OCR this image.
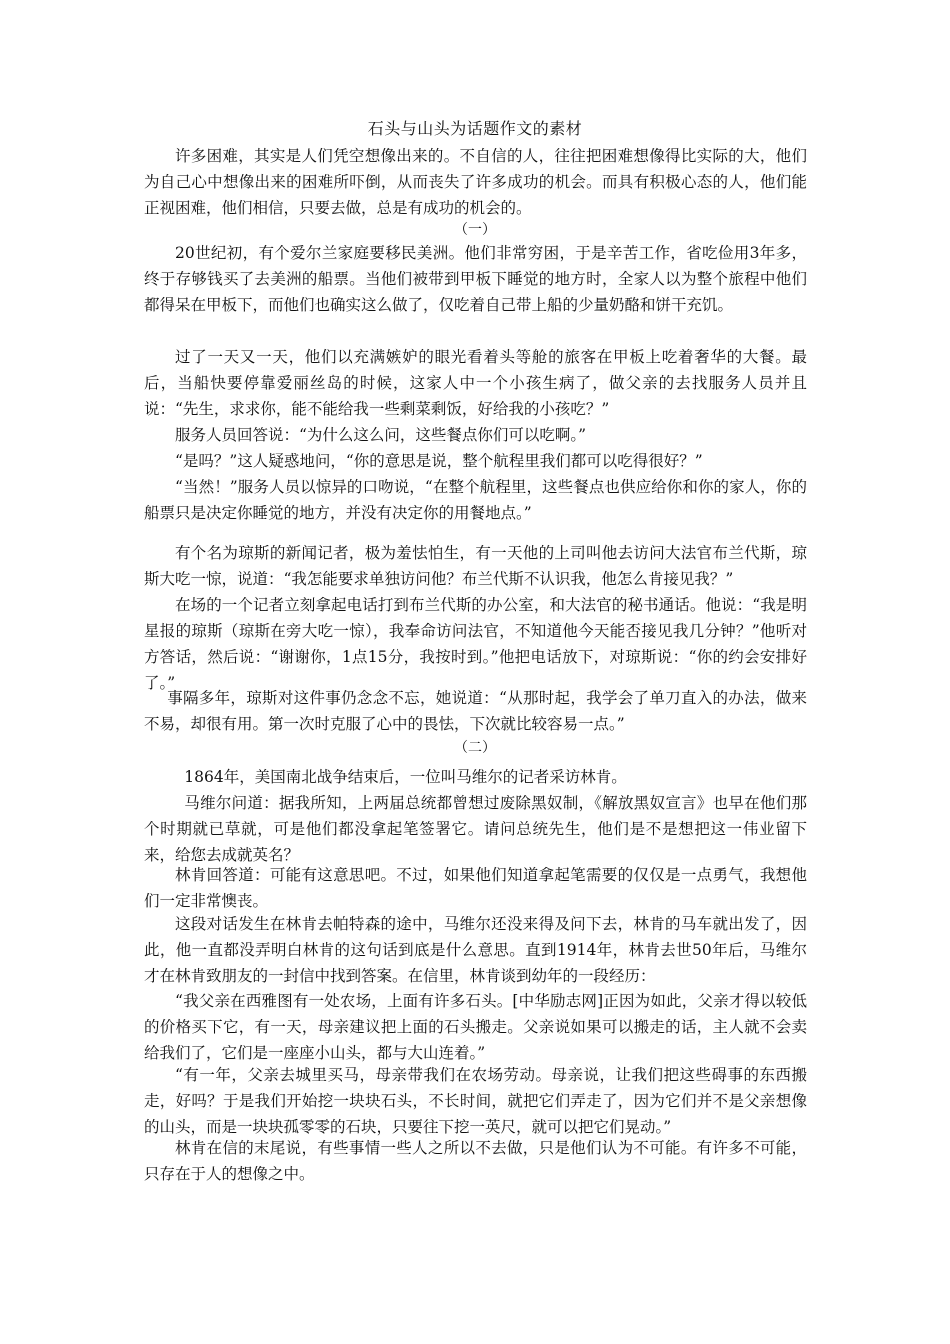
石头与山头为话题作文的素材
许多困难，其实是人们凭空想像出来的。不自信的人，往往把困难想像得比实际的大，他们为自己心中想像出来的困难所吓倒，从而丧失了许多成功的机会。而具有积极心态的人，他们能正视困难，他们相信，只要去做，总是有成功的机会的。
（一）
20世纪初，有个爱尔兰家庭要移民美洲。他们非常穷困，于是辛苦工作，省吃俭用3年多，终于存够钱买了去美洲的船票。当他们被带到甲板下睡觉的地方时，全家人以为整个旅程中他们都得呆在甲板下，而他们也确实这么做了，仅吃着自己带上船的少量奶酪和饼干充饥。
过了一天又一天，他们以充满嫉妒的眼光看着头等舱的旅客在甲板上吃着奢华的大餐。最后，当船快要停靠爱丽丝岛的时候，这家人中一个小孩生病了，做父亲的去找服务人员并且说：“先生，求求你，能不能给我一些剩菜剩饭，好给我的小孩吃？”
服务人员回答说：“为什么这么问，这些餐点你们可以吃啊。”
“是吗？”这人疑惑地问，“你的意思是说，整个航程里我们都可以吃得很好？”
“当然！”服务人员以惊异的口吻说，“在整个航程里，这些餐点也供应给你和你的家人，你的船票只是决定你睡觉的地方，并没有决定你的用餐地点。”
有个名为琼斯的新闻记者，极为羞怯怕生，有一天他的上司叫他去访问大法官布兰代斯，琼斯大吃一惊，说道：“我怎能要求单独访问他？布兰代斯不认识我，他怎么肯接见我？”
在场的一个记者立刻拿起电话打到布兰代斯的办公室，和大法官的秘书通话。他说：“我是明星报的琼斯（琼斯在旁大吃一惊），我奉命访问法官，不知道他今天能否接见我几分钟？”他听对方答话，然后说：“谢谢你，1点15分，我按时到。”他把电话放下，对琼斯说：“你的约会安排好了。”
事隔多年，琼斯对这件事仍念念不忘，她说道：“从那时起，我学会了单刀直入的办法，做来不易，却很有用。第一次时克服了心中的畏怯，下次就比较容易一点。”
（二）
1864年，美国南北战争结束后，一位叫马维尔的记者采访林肯。
马维尔问道：据我所知，上两届总统都曾想过废除黑奴制，《解放黑奴宣言》也早在他们那个时期就已草就，可是他们都没拿起笔签署它。请问总统先生，他们是不是想把这一伟业留下来，给您去成就英名？
林肯回答道：可能有这意思吧。不过，如果他们知道拿起笔需要的仅仅是一点勇气，我想他们一定非常懊丧。
这段对话发生在林肯去帕特森的途中，马维尔还没来得及问下去，林肯的马车就出发了，因此，他一直都没弄明白林肯的这句话到底是什么意思。直到1914年，林肯去世50年后，马维尔才在林肯致朋友的一封信中找到答案。在信里，林肯谈到幼年的一段经历：
“我父亲在西雅图有一处农场，上面有许多石头。[中华励志网]正因为如此，父亲才得以较低的价格买下它，有一天，母亲建议把上面的石头搬走。父亲说如果可以搬走的话，主人就不会卖给我们了，它们是一座座小山头，都与大山连着。”
“有一年，父亲去城里买马，母亲带我们在农场劳动。母亲说，让我们把这些碍事的东西搬走，好吗？于是我们开始挖一块块石头，不长时间，就把它们弄走了，因为它们并不是父亲想像的山头，而是一块块孤零零的石块，只要往下挖一英尺，就可以把它们晃动。”
林肯在信的末尾说，有些事情一些人之所以不去做，只是他们认为不可能。有许多不可能，只存在于人的想像之中。
